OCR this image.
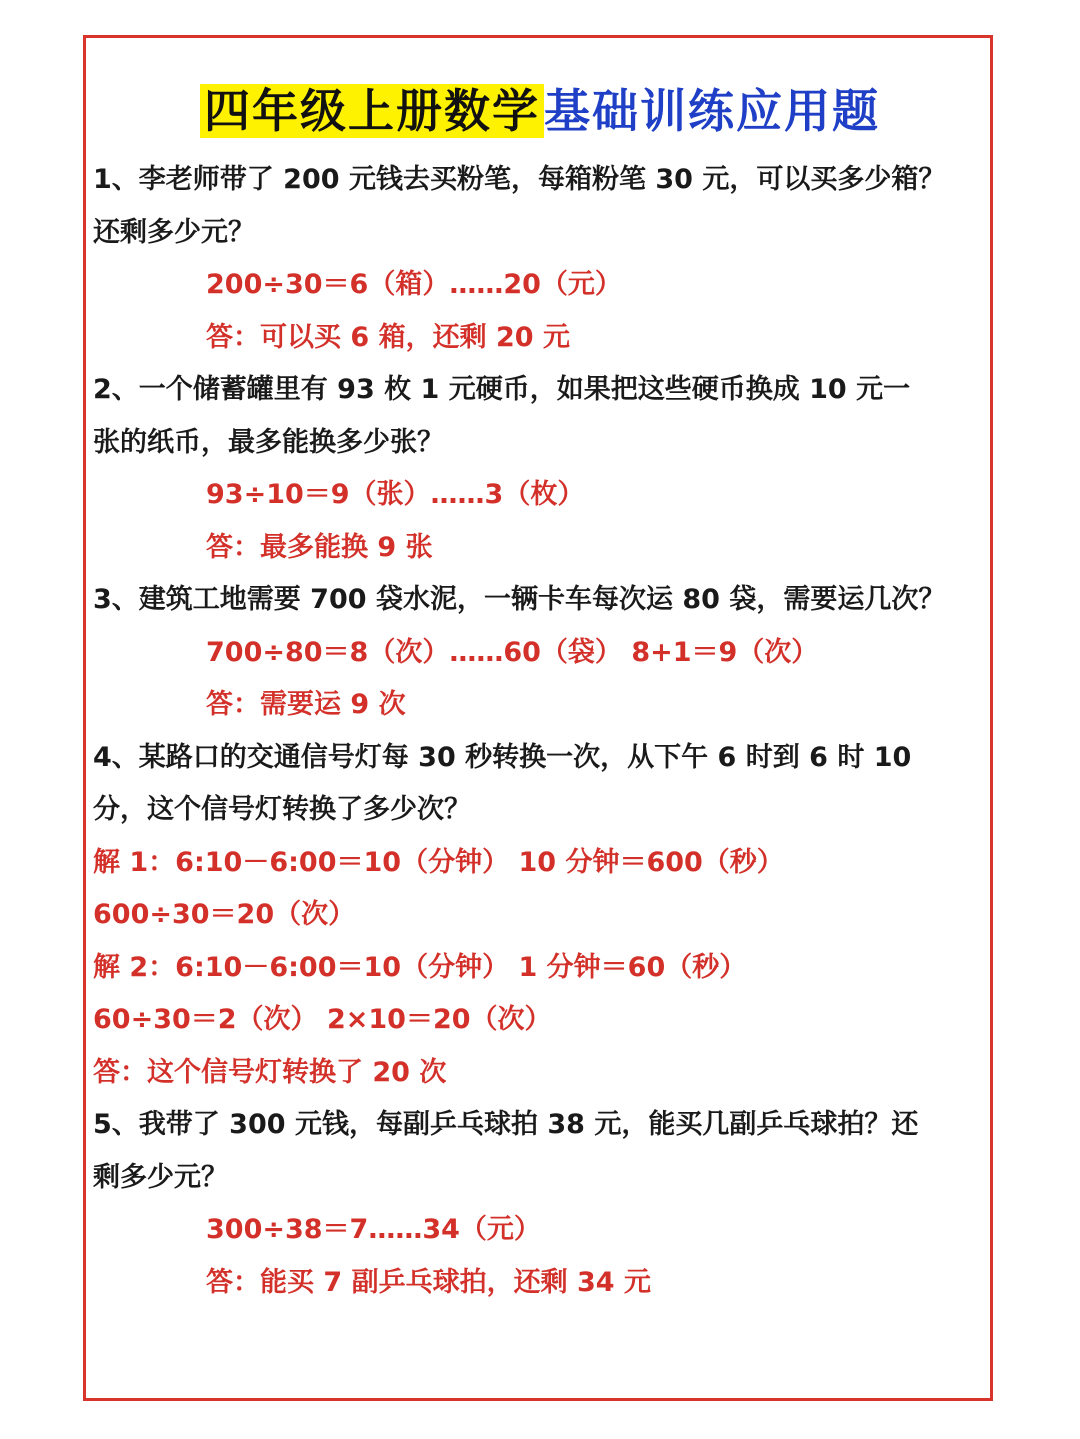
四年级上册数学基础训练应用题
1、李老师带了 200 元钱去买粉笔，每箱粉笔 30 元，可以买多少箱？
还剩多少元？
200÷30＝6（箱）……20（元）
答：可以买 6 箱，还剩 20 元
2、一个储蓄罐里有 93 枚 1 元硬币，如果把这些硬币换成 10 元一
张的纸币，最多能换多少张？
93÷10＝9（张）……3（枚）
答：最多能换 9 张
3、建筑工地需要 700 袋水泥，一辆卡车每次运 80 袋，需要运几次？
700÷80＝8（次）……60（袋） 8+1＝9（次）
答：需要运 9 次
4、某路口的交通信号灯每 30 秒转换一次，从下午 6 时到 6 时 10
分，这个信号灯转换了多少次？
解 1：6:10－6:00＝10（分钟） 10 分钟＝600（秒）
600÷30＝20（次）
解 2：6:10－6:00＝10（分钟） 1 分钟＝60（秒）
60÷30＝2（次） 2×10＝20（次）
答：这个信号灯转换了 20 次
5、我带了 300 元钱，每副乒乓球拍 38 元，能买几副乒乓球拍？还
剩多少元？
300÷38＝7……34（元）
答：能买 7 副乒乓球拍，还剩 34 元
